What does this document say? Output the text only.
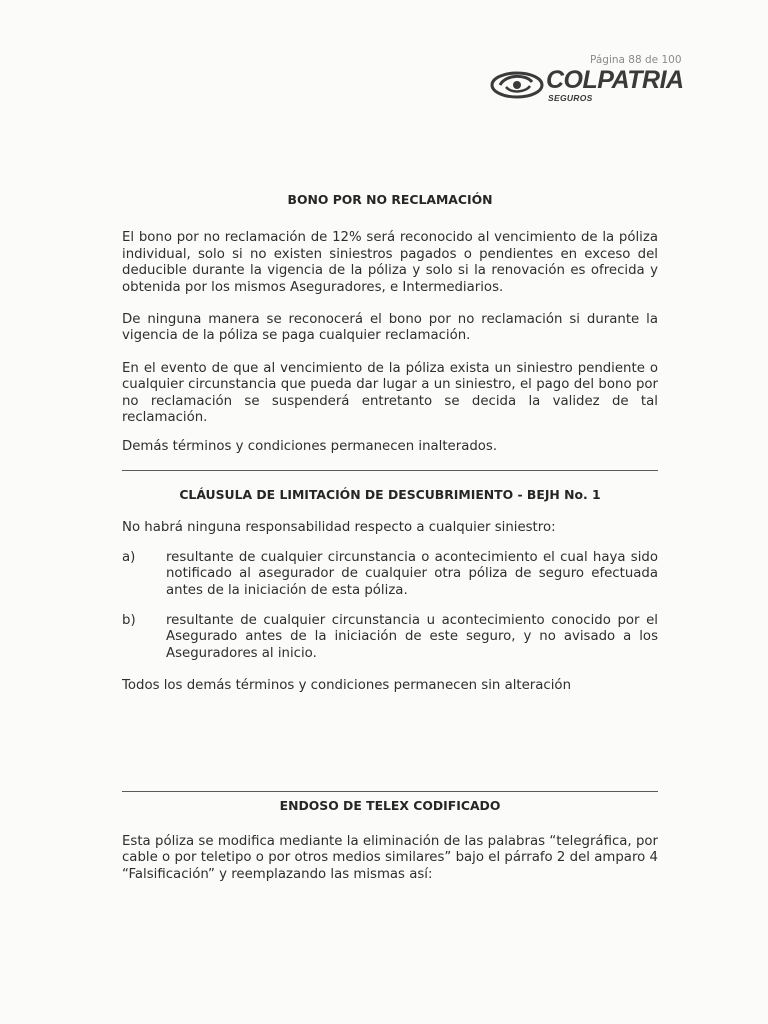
Página 88 de 100
COLPATRIA
SEGUROS
BONO POR NO RECLAMACIÓN

El bono por no reclamación de 12% será reconocido al vencimiento de la póliza individual, solo si no existen siniestros pagados o pendientes en exceso del deducible durante la vigencia de la póliza y solo si la renovación es ofrecida y obtenida por los mismos Aseguradores, e Intermediarios.

De ninguna manera se reconocerá el bono por no reclamación si durante la vigencia de la póliza se paga cualquier reclamación.

En el evento de que al vencimiento de la póliza exista un siniestro pendiente o cualquier circunstancia que pueda dar lugar a un siniestro, el pago del bono por no reclamación se suspenderá entretanto se decida la validez de tal reclamación.

Demás términos y condiciones permanecen inalterados.

CLÁUSULA DE LIMITACIÓN DE DESCUBRIMIENTO - BEJH No. 1

No habrá ninguna responsabilidad respecto a cualquier siniestro:

a) resultante de cualquier circunstancia o acontecimiento el cual haya sido notificado al asegurador de cualquier otra póliza de seguro efectuada antes de la iniciación de esta póliza.
b) resultante de cualquier circunstancia u acontecimiento conocido por el Asegurado antes de la iniciación de este seguro, y no avisado a los Aseguradores al inicio.

Todos los demás términos y condiciones permanecen sin alteración

ENDOSO DE TELEX CODIFICADO

Esta póliza se modifica mediante la eliminación de las palabras “telegráfica, por cable o por teletipo o por otros medios similares” bajo el párrafo 2 del amparo 4 “Falsificación” y reemplazando las mismas así:
